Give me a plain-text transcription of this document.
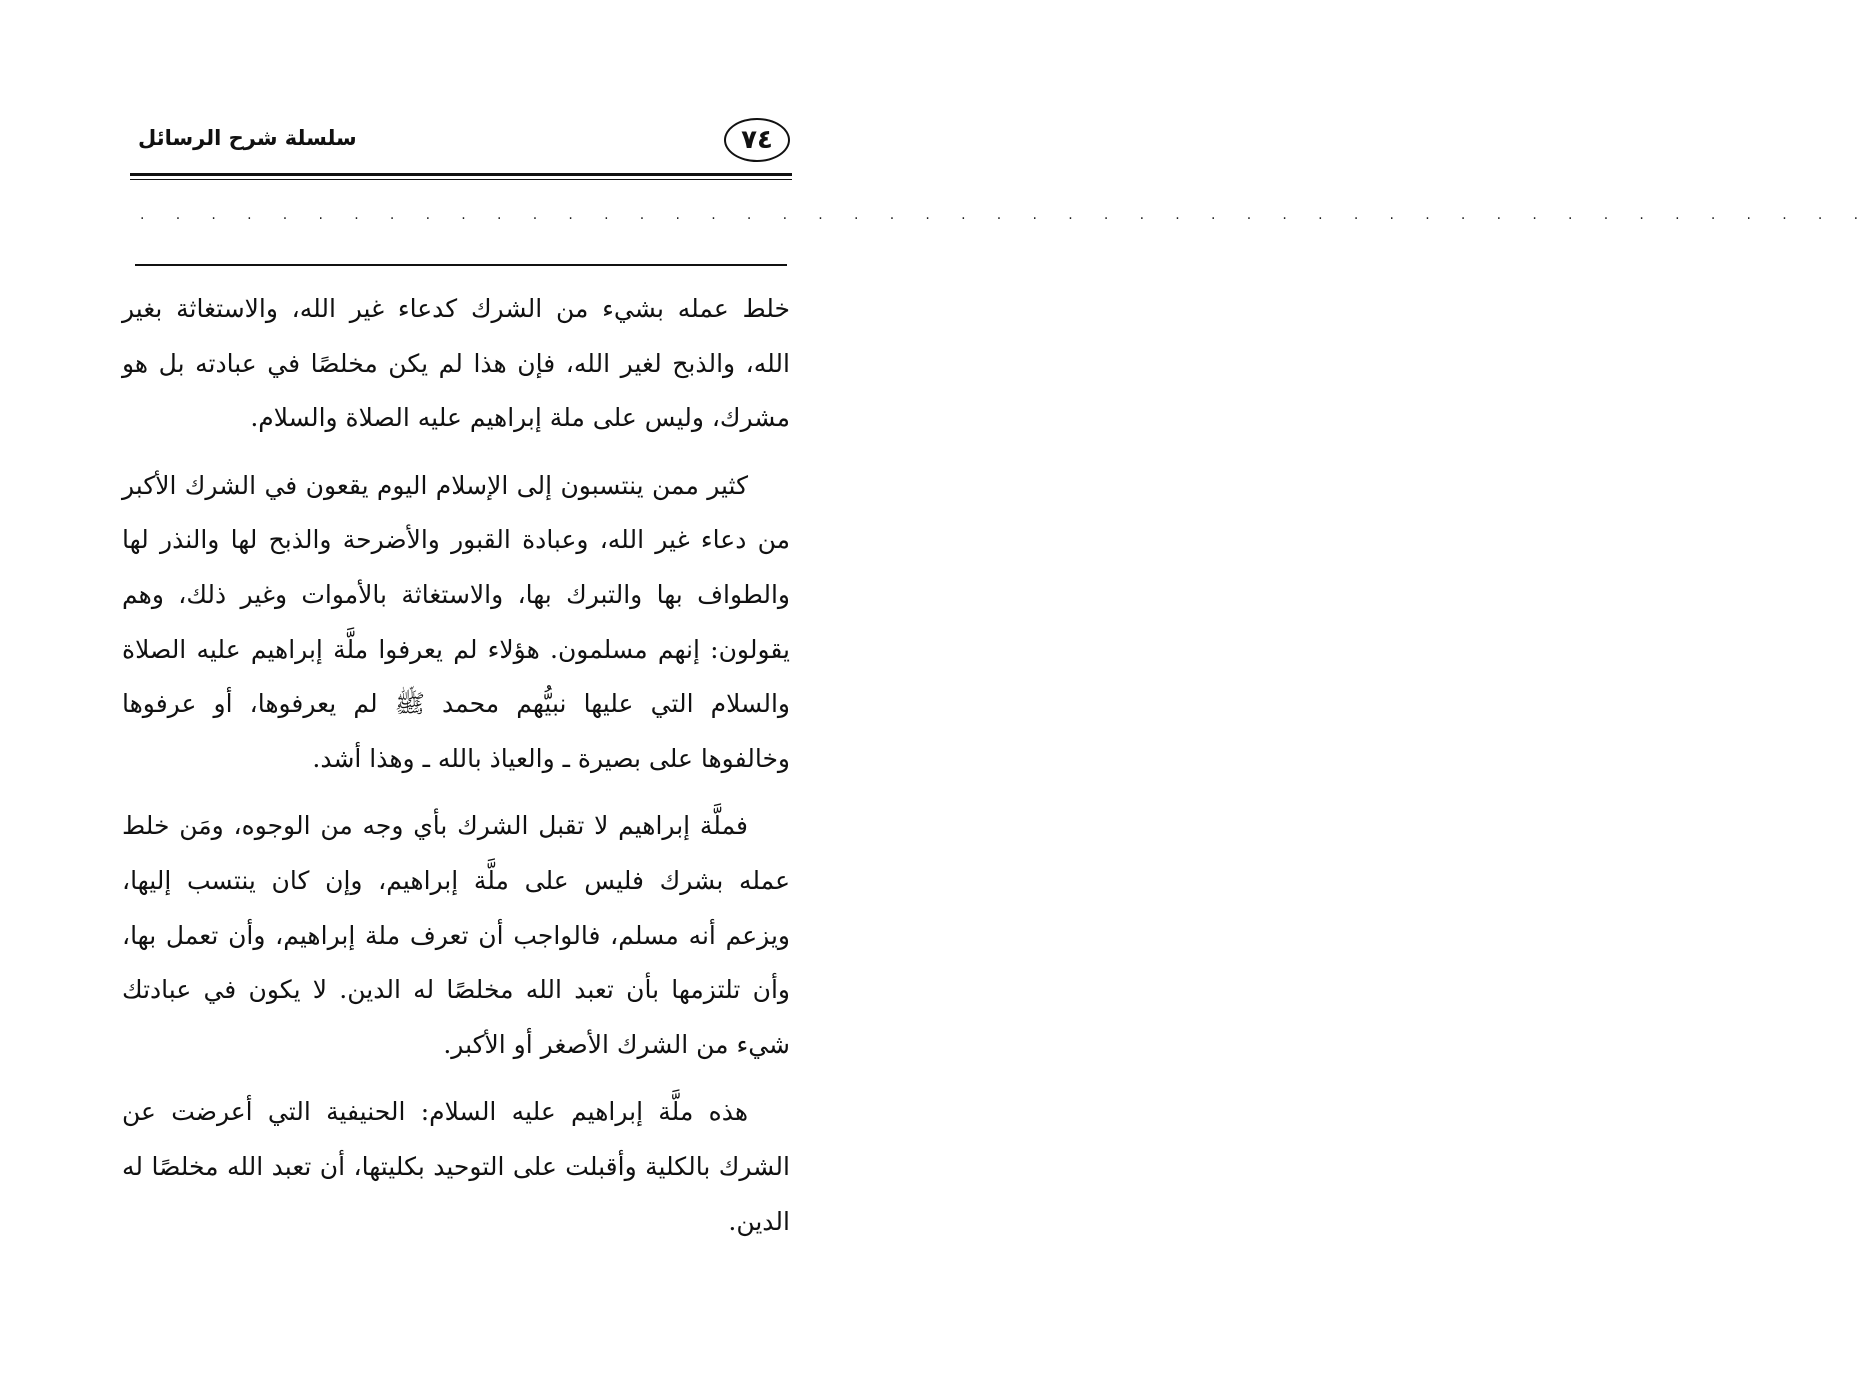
٧٤
سلسلة شرح الرسائل
. . . . . . . . . . . . . . . . . . . . . . . . . . . . . . . . . . . . . . . . . . . . . . . . .

خلط عمله بشيء من الشرك كدعاء غير الله، والاستغاثة بغير الله، والذبح لغير الله، فإن هذا لم يكن مخلصًا في عبادته بل هو مشرك، وليس على ملة إبراهيم عليه الصلاة والسلام.

كثير ممن ينتسبون إلى الإسلام اليوم يقعون في الشرك الأكبر من دعاء غير الله، وعبادة القبور والأضرحة والذبح لها والنذر لها والطواف بها والتبرك بها، والاستغاثة بالأموات وغير ذلك، وهم يقولون: إنهم مسلمون. هؤلاء لم يعرفوا ملَّة إبراهيم عليه الصلاة والسلام التي عليها نبيُّهم محمد ﷺ لم يعرفوها، أو عرفوها وخالفوها على بصيرة ـ والعياذ بالله ـ وهذا أشد.

فملَّة إبراهيم لا تقبل الشرك بأي وجه من الوجوه، ومَن خلط عمله بشرك فليس على ملَّة إبراهيم، وإن كان ينتسب إليها، ويزعم أنه مسلم، فالواجب أن تعرف ملة إبراهيم، وأن تعمل بها، وأن تلتزمها بأن تعبد الله مخلصًا له الدين. لا يكون في عبادتك شيء من الشرك الأصغر أو الأكبر.

هذه ملَّة إبراهيم عليه السلام: الحنيفية التي أعرضت عن الشرك بالكلية وأقبلت على التوحيد بكليتها، أن تعبد الله مخلصًا له الدين.
